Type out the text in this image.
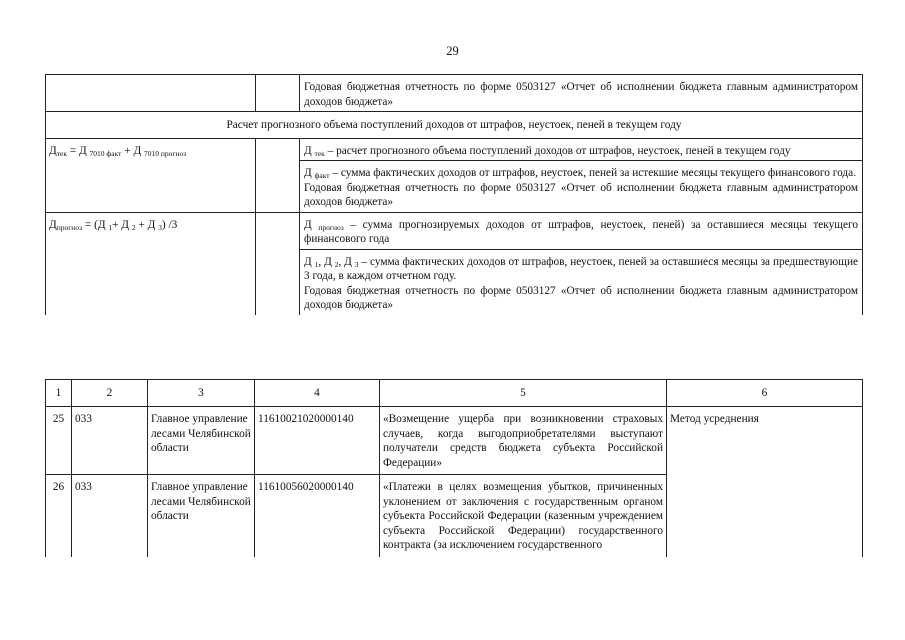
29
		Годовая бюджетная отчетность по форме 0503127 «Отчет об исполнении бюджета главным администратором доходов бюджета»
Расчет прогнозного объема поступлений доходов от штрафов, неустоек, пеней в текущем году		
$Д_{тек} = Д$ $_{7010 факт}$ + Д $_{7010 прогноз}$		Д $_{тек}$ – расчет прогнозного объема поступлений доходов от штрафов, неустоек, пеней в текущем году
		Д $_{факт}$ – сумма фактических доходов от штрафов, неустоек, пеней за истекшие месяцы текущего финансового года.
Годовая бюджетная отчетность по форме 0503127 «Отчет об исполнении бюджета главным администратором доходов бюджета»

$Д_{прогноз} = (Д$ $_1$+ Д $_2$ + Д $_3$) /3		Д $_{прогноз}$ – сумма прогнозируемых доходов от штрафов, неустоек, пеней) за оставшиеся месяцы текущего финансового года
		Д $_1$, Д $_2$, Д $_3$ – сумма фактических доходов от штрафов, неустоек, пеней за оставшиеся месяцы за предшествующие 3 года, в каждом отчетном году.
Годовая бюджетная отчетность по форме 0503127 «Отчет об исполнении бюджета главным администратором доходов бюджета»
1	2	3	4	5	6
25	033	Главное управление лесами Челябинской области	11610021020000140	«Возмещение ущерба при возникновении страховых случаев, когда выгодоприобретателями выступают получатели средств бюджета субъекта Российской Федерации»	Метод усреднения
26	033	Главное управление лесами Челябинской области	11610056020000140	«Платежи в целях возмещения убытков, причиненных уклонением от заключения с государственным органом субъекта Российской Федерации (казенным учреждением субъекта Российской Федерации) государственного контракта (за исключением государственного	
